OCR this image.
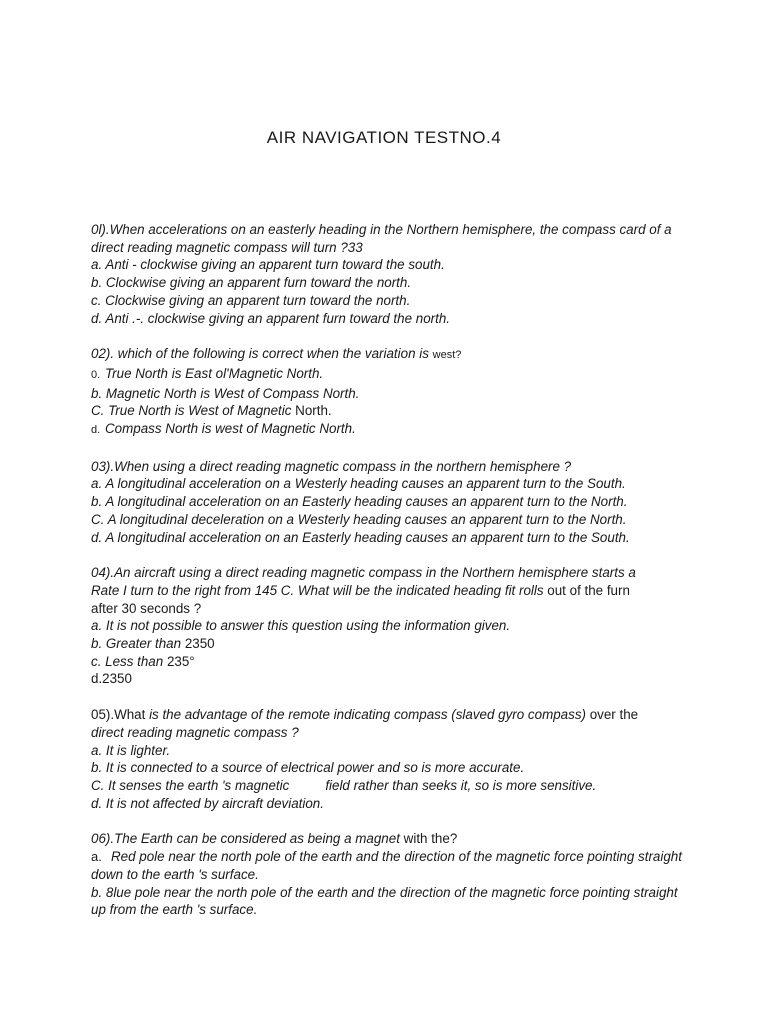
AIR NAVIGATION TESTNO.4

0l).When accelerations on an easterly heading in the Northern hemisphere, the compass card of a direct reading magnetic compass will turn ?33

a. Anti - clockwise giving an apparent turn toward the south.

b. Clockwise giving an apparent furn toward the north.

c. Clockwise giving an apparent turn toward the north.

d. Anti .-. clockwise giving an apparent furn toward the north.

02). which of the following is correct when the variation is west?

0. True North is East ol'Magnetic North.

b. Magnetic North is West of Compass North.

C. True North is West of Magnetic North.

d. Compass North is west of Magnetic North.

03).When using a direct reading magnetic compass in the northern hemisphere ?

a. A longitudinal acceleration on a Westerly heading causes an apparent turn to the South.

b. A longitudinal acceleration on an Easterly heading causes an apparent turn to the North.

C. A longitudinal deceleration on a Westerly heading causes an apparent turn to the North.

d. A longitudinal acceleration on an Easterly heading causes an apparent turn to the South.

04).An aircraft using a direct reading magnetic compass in the Northern hemisphere starts a

Rate I turn to the right from 145 C. What will be the indicated heading fit rolls out of the furn

after 30 seconds ?

a. It is not possible to answer this question using the information given.

b. Greater than 2350

c. Less than 235°

d.2350

05).What is the advantage of the remote indicating compass (slaved gyro compass) over the

direct reading magnetic compass ?

a. It is lighter.

b. It is connected to a source of electrical power and so is more accurate.

C. It senses the earth 's magnetic	field rather than seeks it, so is more sensitive.

d. It is not affected by aircraft deviation.

06).The Earth can be considered as being a magnet with the?

a. Red pole near the north pole of the earth and the direction of the magnetic force pointing straight down to the earth 's surface.

b. 8lue pole near the north pole of the earth and the direction of the magnetic force pointing straight up from the earth 's surface.
